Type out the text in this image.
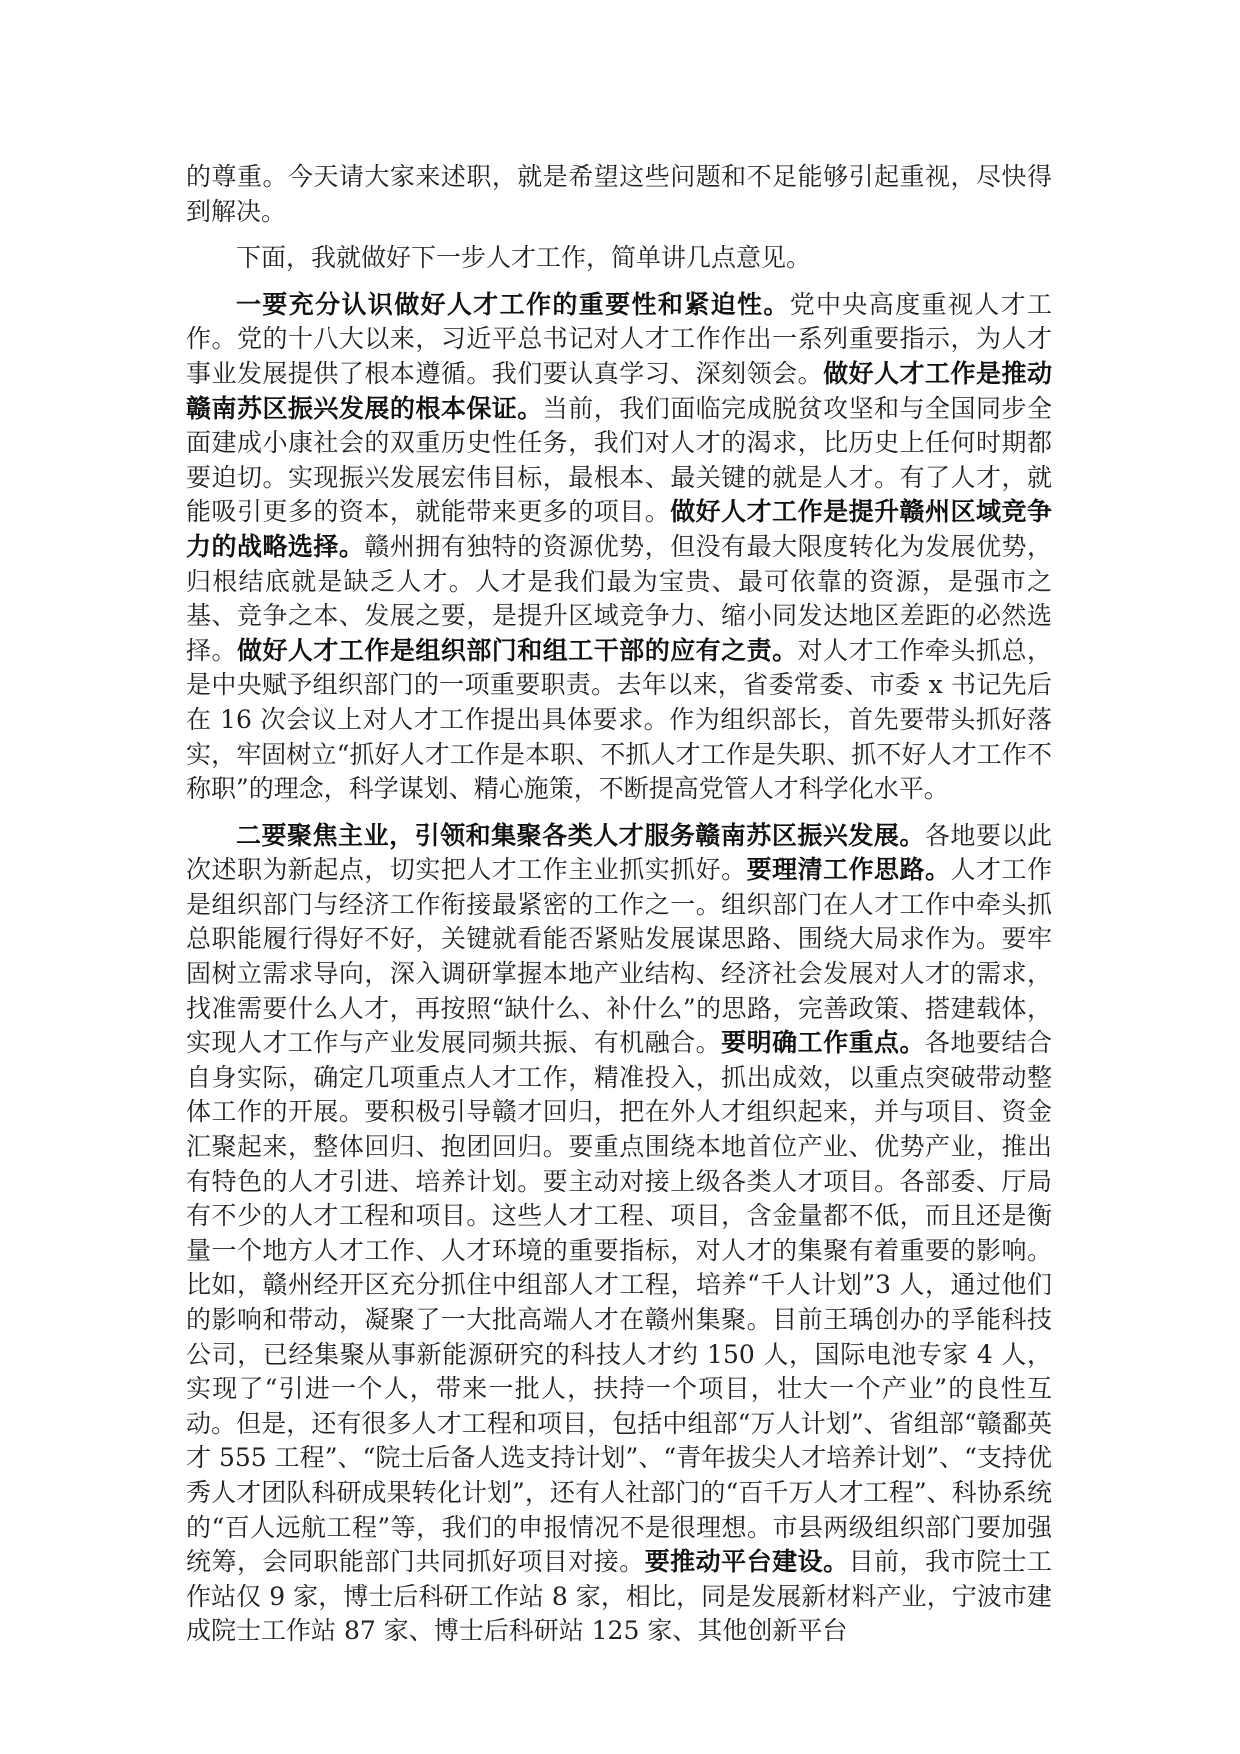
的尊重。今天请大家来述职，就是希望这些问题和不足能够引起重视，尽快得到解决。

下面，我就做好下一步人才工作，简单讲几点意见。

一要充分认识做好人才工作的重要性和紧迫性。党中央高度重视人才工作。党的十八大以来，习近平总书记对人才工作作出一系列重要指示，为人才事业发展提供了根本遵循。我们要认真学习、深刻领会。做好人才工作是推动赣南苏区振兴发展的根本保证。当前，我们面临完成脱贫攻坚和与全国同步全面建成小康社会的双重历史性任务，我们对人才的渴求，比历史上任何时期都要迫切。实现振兴发展宏伟目标，最根本、最关键的就是人才。有了人才，就能吸引更多的资本，就能带来更多的项目。做好人才工作是提升赣州区域竞争力的战略选择。赣州拥有独特的资源优势，但没有最大限度转化为发展优势，归根结底就是缺乏人才。人才是我们最为宝贵、最可依靠的资源，是强市之基、竞争之本、发展之要，是提升区域竞争力、缩小同发达地区差距的必然选择。做好人才工作是组织部门和组工干部的应有之责。对人才工作牵头抓总，是中央赋予组织部门的一项重要职责。去年以来，省委常委、市委 x 书记先后在 16 次会议上对人才工作提出具体要求。作为组织部长，首先要带头抓好落实，牢固树立“抓好人才工作是本职、不抓人才工作是失职、抓不好人才工作不称职”的理念，科学谋划、精心施策，不断提高党管人才科学化水平。

二要聚焦主业，引领和集聚各类人才服务赣南苏区振兴发展。各地要以此次述职为新起点，切实把人才工作主业抓实抓好。要理清工作思路。人才工作是组织部门与经济工作衔接最紧密的工作之一。组织部门在人才工作中牵头抓总职能履行得好不好，关键就看能否紧贴发展谋思路、围绕大局求作为。要牢固树立需求导向，深入调研掌握本地产业结构、经济社会发展对人才的需求，找准需要什么人才，再按照“缺什么、补什么”的思路，完善政策、搭建载体，实现人才工作与产业发展同频共振、有机融合。要明确工作重点。各地要结合自身实际，确定几项重点人才工作，精准投入，抓出成效，以重点突破带动整体工作的开展。要积极引导赣才回归，把在外人才组织起来，并与项目、资金汇聚起来，整体回归、抱团回归。要重点围绕本地首位产业、优势产业，推出有特色的人才引进、培养计划。要主动对接上级各类人才项目。各部委、厅局有不少的人才工程和项目。这些人才工程、项目，含金量都不低，而且还是衡量一个地方人才工作、人才环境的重要指标，对人才的集聚有着重要的影响。比如，赣州经开区充分抓住中组部人才工程，培养“千人计划”3 人，通过他们的影响和带动，凝聚了一大批高端人才在赣州集聚。目前王瑀创办的孚能科技公司，已经集聚从事新能源研究的科技人才约 150 人，国际电池专家 4 人，实现了“引进一个人，带来一批人，扶持一个项目，壮大一个产业”的良性互动。但是，还有很多人才工程和项目，包括中组部“万人计划”、省组部“赣鄱英才 555 工程”、“院士后备人选支持计划”、“青年拔尖人才培养计划”、“支持优秀人才团队科研成果转化计划”，还有人社部门的“百千万人才工程”、科协系统的“百人远航工程”等，我们的申报情况不是很理想。市县两级组织部门要加强统筹，会同职能部门共同抓好项目对接。要推动平台建设。目前，我市院士工作站仅 9 家，博士后科研工作站 8 家，相比，同是发展新材料产业，宁波市建成院士工作站 87 家、博士后科研站 125 家、其他创新平台
